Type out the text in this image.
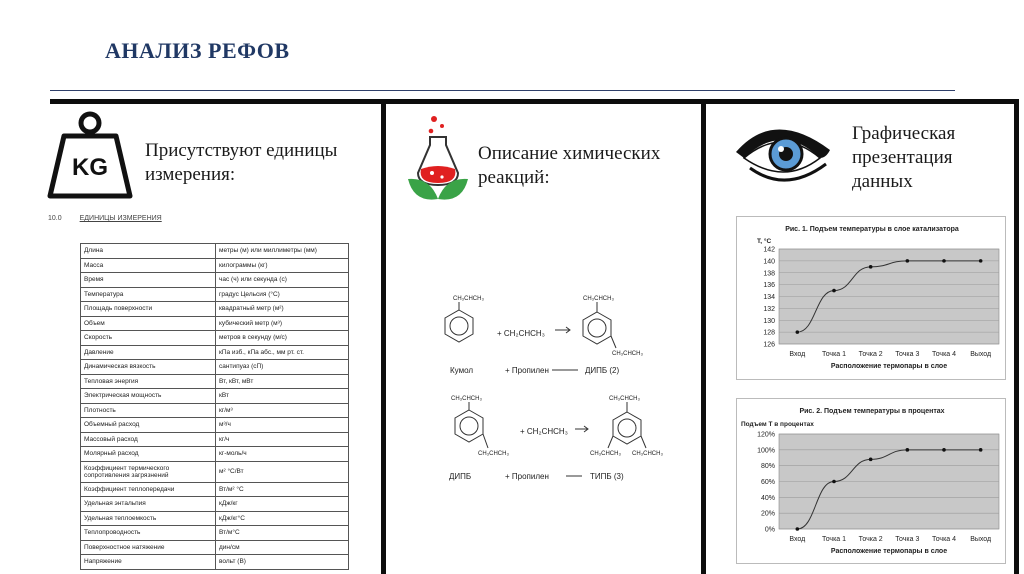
АНАЛИЗ РЕФОВ
KG
Присутствуют единицы
измерения:
10.0	ЕДИНИЦЫ ИЗМЕРЕНИЯ
Длина	метры (м) или миллиметры (мм)
Масса	килограммы (кг)
Время	час (ч) или секунда (с)
Температура	градус Цельсия (°С)
Площадь поверхности	квадратный метр (м²)
Объем	кубический метр (м³)
Скорость	метров в секунду (м/с)
Давление	кПа изб., кПа абс., мм рт. ст.
Динамическая вязкость	сантипуаз (сП)
Тепловая энергия	Вт, кВт, мВт
Электрическая мощность	кВт
Плотность	кг/м³
Объемный расход	м³/ч
Массовый расход	кг/ч
Молярный расход	кг-моль/ч
Коэффициент термического сопротивления загрязнений	м² °С/Вт
Коэффициент теплопередачи	Вт/м² °С
Удельная энтальпия	кДж/кг
Удельная теплоемкость	кДж/кг°С
Теплопроводность	Вт/м°С
Поверхностное натяжение	дин/см
Напряжение	вольт (В)
Описание химических
реакций:
CH₃CHCH₃
+ CH₂CHCH₃
CH₃CHCH₃
CH₃CHCH₃
Кумол	+ Пропилен	ДИПБ (2)
CH₃CHCH₃
CH₃CHCH₃
+ CH₂CHCH₃
CH₃CHCH₃
CH₃CHCH₃ CH₃CHCH₃
ДИПБ	+ Пропилен	ТИПБ (3)
Графическая
презентация
данных
Рис. 1. Подъем температуры в слое катализатора
T, °C
126
128
130
132
134
136
138
140
142
Вход Точка 1 Точка 2 Точка 3 Точка 4 Выход
Расположение термопары в слое
Рис. 2. Подъем температуры в процентах
Подъем Т в процентах
0%
20%
40%
60%
80%
100%
120%
Вход Точка 1 Точка 2 Точка 3 Точка 4 Выход
Расположение термопары в слое
